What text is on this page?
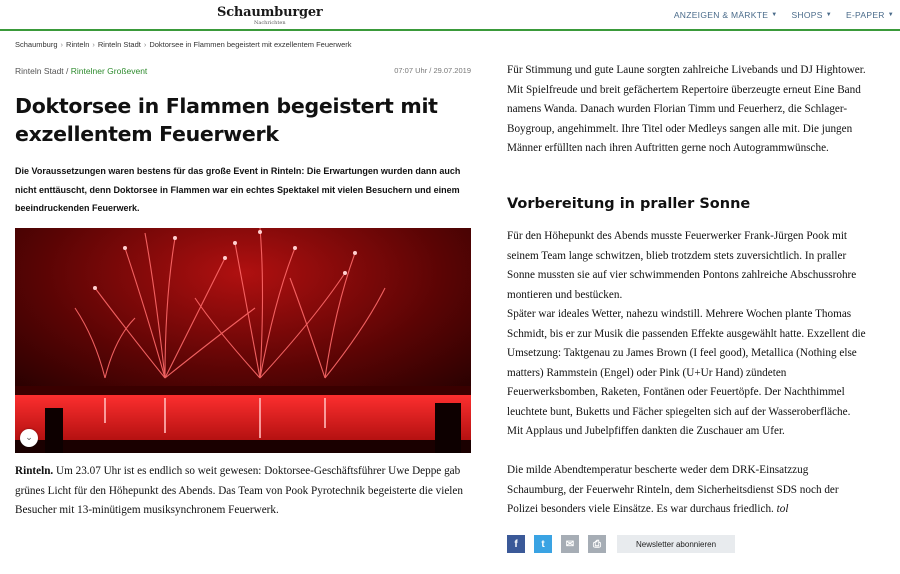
Schaumburger
Nachrichten
ANZEIGEN & MÄRKTE ▼ SHOPS ▼ E-PAPER ▼
Schaumburg › Rinteln › Rinteln Stadt › Doktorsee in Flammen begeistert mit exzellentem Feuerwerk
Rinteln Stadt / Rintelner Großevent	07:07 Uhr / 29.07.2019
Doktorsee in Flammen begeistert mit exzellentem Feuerwerk

Die Voraussetzungen waren bestens für das große Event in Rinteln: Die Erwartungen wurden dann auch nicht enttäuscht, denn Doktorsee in Flammen war ein echtes Spektakel mit vielen Besuchern und einem beeindruckenden Feuerwerk.

⌄

Rinteln. Um 23.07 Uhr ist es endlich so weit gewesen: Doktorsee-Geschäftsführer Uwe Deppe gab grünes Licht für den Höhepunkt des Abends. Das Team von Pook Pyrotechnik begeisterte die vielen Besucher mit 13-minütigem musiksynchronem Feuerwerk.

Für Stimmung und gute Laune sorgten zahlreiche Livebands und DJ Hightower. Mit Spielfreude und breit gefächertem Repertoire überzeugte erneut Eine Band namens Wanda. Danach wurden Florian Timm und Feuerherz, die Schlager-Boygroup, angehimmelt. Ihre Titel oder Medleys sangen alle mit. Die jungen Männer erfüllten nach ihren Auftritten gerne noch Autogrammwünsche.

Vorbereitung in praller Sonne

Für den Höhepunkt des Abends musste Feuerwerker Frank-Jürgen Pook mit seinem Team lange schwitzen, blieb trotzdem stets zuversichtlich. In praller Sonne mussten sie auf vier schwimmenden Pontons zahlreiche Abschussrohre montieren und bestücken.

Später war ideales Wetter, nahezu windstill. Mehrere Wochen plante Thomas Schmidt, bis er zur Musik die passenden Effekte ausgewählt hatte. Exzellent die Umsetzung: Taktgenau zu James Brown (I feel good), Metallica (Nothing else matters) Rammstein (Engel) oder Pink (U+Ur Hand) zündeten Feuerwerksbomben, Raketen, Fontänen oder Feuertöpfe. Der Nachthimmel leuchtete bunt, Buketts und Fächer spiegelten sich auf der Wasseroberfläche. Mit Applaus und Jubelpfiffen dankten die Zuschauer am Ufer.

Die milde Abendtemperatur bescherte weder dem DRK-Einsatzzug Schaumburg, der Feuerwehr Rinteln, dem Sicherheitsdienst SDS noch der Polizei besonders viele Einsätze. Es war durchaus friedlich. tol

f t ✉ ⎙	Newsletter abonnieren
